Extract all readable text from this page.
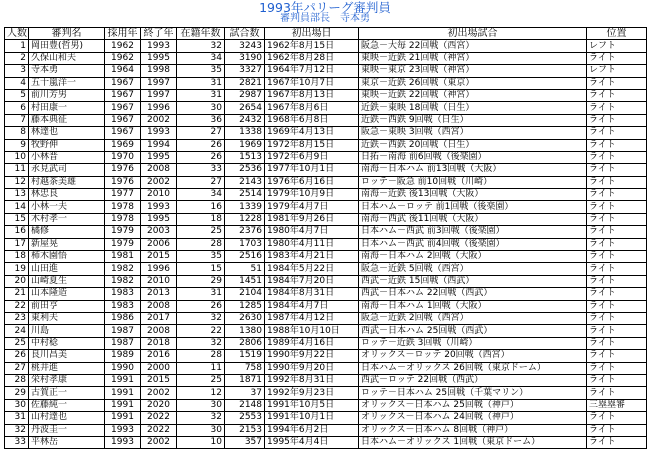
1993年パリーグ審判員
審判員部長　寺本勇
人数	審判名	採用年	終了年	在籍年数	試合数	初出場日	初出場試合	位置
1	岡田豊(哲男)	1962	1993	32	3243	1962年8月15日	阪急－大毎 22回戦（西宮）	レフト
2	久保山和夫	1962	1995	34	3190	1962年8月28日	東映－近鉄 21回戦（神宮）	ライト
3	寺本勇	1964	1998	35	3327	1964年7月12日	東映－東京 23回戦（神宮）	レフト
4	五十嵐洋一	1967	1997	31	2821	1967年10月7日	東京－近鉄 26回戦（東京）	ライト
5	前川芳男	1967	1997	31	2987	1967年8月13日	東映－近鉄 22回戦（神宮）	ライト
6	村田康一	1967	1996	30	2654	1967年8月6日	近鉄－東映 18回戦（日生）	ライト
7	藤本典征	1967	2002	36	2432	1968年6月8日	近鉄－西鉄 9回戦（日生）	ライト
8	林達也	1967	1993	27	1338	1969年4月13日	阪急－東映 3回戦（西宮）	ライト
9	牧野伸	1969	1994	26	1969	1972年8月15日	近鉄－西鉄 20回戦（日生）	ライト
10	小林晋	1970	1995	26	1513	1972年6月9日	日拓－南海 前6回戦（後楽園）	ライト
11	永見武司	1976	2008	33	2536	1977年10月1日	南海－日本ハム 前13回戦（大阪）	ライト
12	村越茶美雄	1976	2002	27	2143	1976年6月16日	ロッテ－阪急 前10回戦（川崎）	ライト
13	林忠良	1977	2010	34	2514	1979年10月9日	南海－近鉄 後13回戦（大阪）	ライト
14	小林一夫	1978	1993	16	1339	1979年4月7日	日本ハム－ロッテ 前1回戦（後楽園）	ライト
15	木村孝一	1978	1995	18	1228	1981年9月26日	南海－西武 後11回戦（大阪）	ライト
16	橘修	1979	2003	25	2376	1980年4月7日	日本ハム－西武 前3回戦（後楽園）	ライト
17	新屋晃	1979	2006	28	1703	1980年4月11日	日本ハム－西武 前4回戦（後楽園）	ライト
18	柿木園悟	1981	2015	35	2516	1983年4月21日	南海－日本ハム 2回戦（大阪）	ライト
19	山田進	1982	1996	15	51	1984年5月22日	阪急－近鉄 5回戦（西宮）	ライト
20	山崎夏生	1982	2010	29	1451	1984年7月20日	西武－近鉄 15回戦（西武）	ライト
21	山本隆造	1983	2013	31	2104	1984年8月31日	西武－日本ハム 22回戦（西武）	ライト
22	前田亨	1983	2008	26	1285	1984年4月7日	南海－日本ハム 1回戦（大阪）	ライト
23	東利夫	1986	2017	32	2630	1987年4月12日	阪急－近鉄 2回戦（西宮）	ライト
24	川島　　	1987	2008	22	1380	1988年10月10日	西武－日本ハム 25回戦（西武）	ライト
25	中村稔	1987	2018	32	2806	1989年4月16日	ロッテ－近鉄 3回戦（川崎）	ライト
26	良川昌美	1989	2016	28	1519	1990年9月22日	オリックス－ロッテ 20回戦（西宮）	ライト
27	桃井進	1990	2000	11	758	1990年9月20日	日本ハム－オリックス 26回戦（東京ドーム）	ライト
28	栄村孝康	1991	2015	25	1871	1992年8月31日	西武－ロッテ 22回戦（西武）	ライト
29	古賀正一	1991	2002	12	37	1992年9月23日	ロッテ－日本ハム 25回戦（千葉マリン）	ライト
30	佐藤純一	1991	2020	30	2148	1991年10月5日	オリックス－日本ハム 25回戦（神戸）	三塁塁審
31	山村達也	1991	2022	32	2553	1991年10月1日	オリックス－日本ハム 24回戦（神戸）	ライト
32	丹波圭一	1993	2022	30	2153	1994年6月2日	オリックス－日本ハム 8回戦（神戸）	ライト
33	平林岳	1993	2002	10	357	1995年4月4日	日本ハム－オリックス 1回戦（東京ドーム）	ライト
